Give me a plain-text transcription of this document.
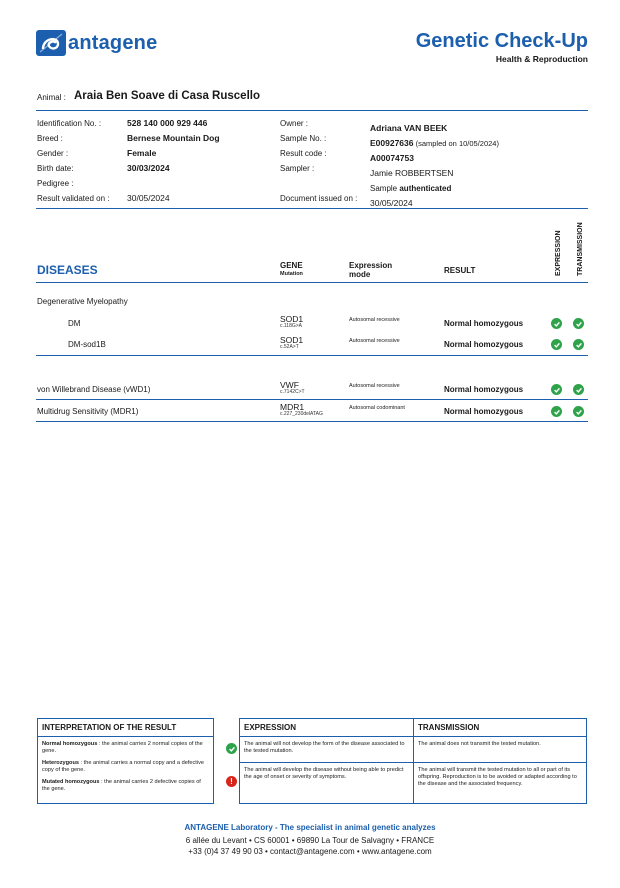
antagene	Genetic Check-Up
Health & Reproduction
Animal : Araia Ben Soave di Casa Ruscello
Identification No. :	528 140 000 929 446
Breed :	Bernese Mountain Dog
Gender :	Female
Birth date:	30/03/2024
Pedigree :
Result validated on : 30/05/2024
Owner :	Adriana VAN BEEK
Sample No. :	E00927636 (sampled on 10/05/2024)
Result code :	A00074753
Sampler :	Jamie ROBBERTSEN
Sample authenticated
Document issued on : 30/05/2024
DISEASES	GENE
Mutation
Expression
mode	RESULT	EXPRESSION TRANSMISSION
Degenerative Myelopathy
DM	SOD1
c.118G>A
Autosomal recessive	Normal homozygous
DM-sod1B	SOD1
c.52A>T
Autosomal recessive	Normal homozygous
von Willebrand Disease (vWD1)	VWF
c.7142C>T
Autosomal recessive	Normal homozygous
Multidrug Sensitivity (MDR1)	MDR1
c.227_230delATAG
Autosomal codominant	Normal homozygous
INTERPRETATION OF THE RESULT
Normal homozygous : the animal carries 2 normal copies of the gene.
Heterozygous : the animal carries a normal copy and a defective copy of the gene.
Mutated homozygous : the animal carries 2 defective copies of the gene.
EXPRESSION	TRANSMISSION
The animal will not develop the form of the disease associated to the tested mutation.
The animal does not transmit the tested mutation.
The animal will develop the disease without being able to predict the age of onset or severity of symptoms.
The animal will transmit the tested mutation to all or part of its offspring. Reproduction is to be avoided or adapted according to the disease and the associated frequency.
!
ANTAGENE Laboratory - The specialist in animal genetic analyzes
6 allée du Levant • CS 60001 • 69890 La Tour de Salvagny • FRANCE
+33 (0)4 37 49 90 03 • contact@antagene.com • www.antagene.com
